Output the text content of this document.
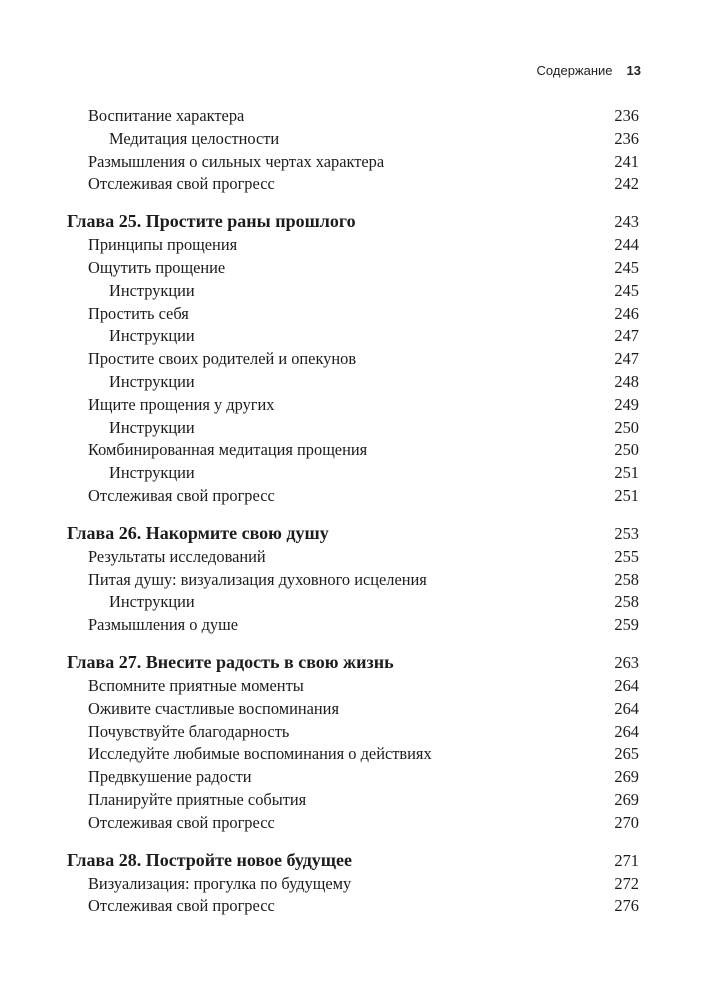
Содержание 13
Воспитание характера	236
Медитация целостности	236
Размышления о сильных чертах характера	241
Отслеживая свой прогресс	242
Глава 25. Простите раны прошлого	243
Принципы прощения	244
Ощутить прощение	245
Инструкции	245
Простить себя	246
Инструкции	247
Простите своих родителей и опекунов	247
Инструкции	248
Ищите прощения у других	249
Инструкции	250
Комбинированная медитация прощения	250
Инструкции	251
Отслеживая свой прогресс	251
Глава 26. Накормите свою душу	253
Результаты исследований	255
Питая душу: визуализация духовного исцеления	258
Инструкции	258
Размышления о душе	259
Глава 27. Внесите радость в свою жизнь	263
Вспомните приятные моменты	264
Оживите счастливые воспоминания	264
Почувствуйте благодарность	264
Исследуйте любимые воспоминания о действиях	265
Предвкушение радости	269
Планируйте приятные события	269
Отслеживая свой прогресс	270
Глава 28. Постройте новое будущее	271
Визуализация: прогулка по будущему	272
Отслеживая свой прогресс	276
